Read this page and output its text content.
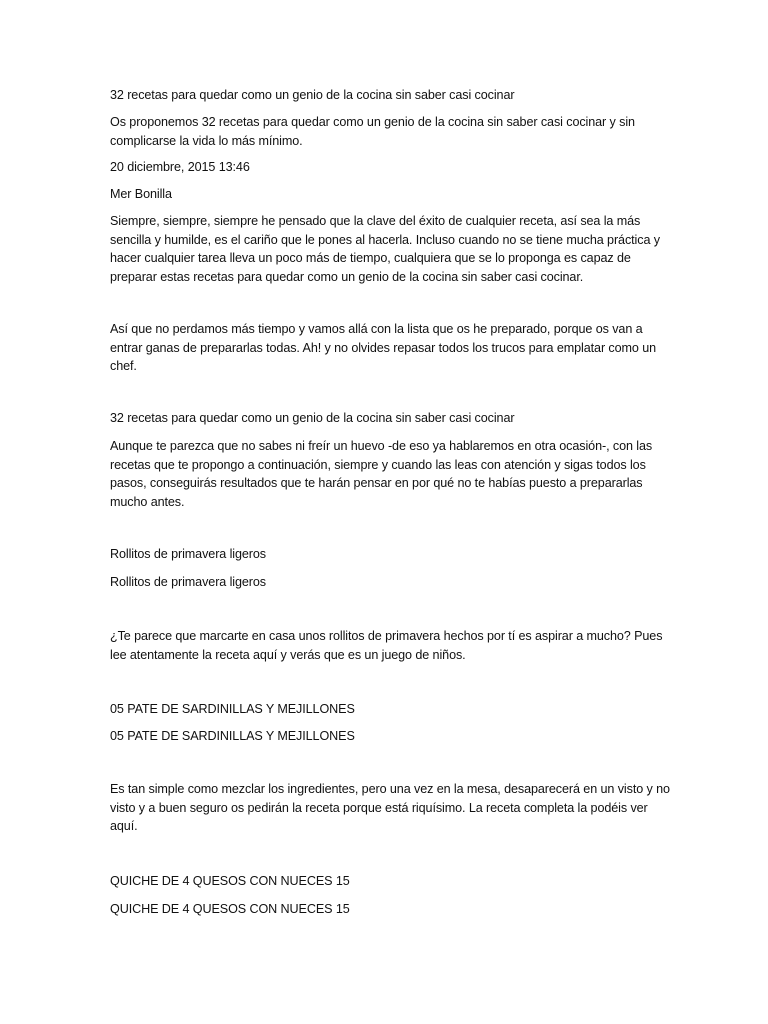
32 recetas para quedar como un genio de la cocina sin saber casi cocinar

Os proponemos 32 recetas para quedar como un genio de la cocina sin saber casi cocinar y sin complicarse la vida lo más mínimo.

20 diciembre, 2015 13:46

Mer Bonilla

Siempre, siempre, siempre he pensado que la clave del éxito de cualquier receta, así sea la más sencilla y humilde, es el cariño que le pones al hacerla. Incluso cuando no se tiene mucha práctica y hacer cualquier tarea lleva un poco más de tiempo, cualquiera que se lo proponga es capaz de preparar estas recetas para quedar como un genio de la cocina sin saber casi cocinar.

Así que no perdamos más tiempo y vamos allá con la lista que os he preparado, porque os van a entrar ganas de prepararlas todas. Ah! y no olvides repasar todos los trucos para emplatar como un chef.

32 recetas para quedar como un genio de la cocina sin saber casi cocinar

Aunque te parezca que no sabes ni freír un huevo -de eso ya hablaremos en otra ocasión-, con las recetas que te propongo a continuación, siempre y cuando las leas con atención y sigas todos los pasos, conseguirás resultados que te harán pensar en por qué no te habías puesto a prepararlas mucho antes.

Rollitos de primavera ligeros

Rollitos de primavera ligeros

¿Te parece que marcarte en casa unos rollitos de primavera hechos por tí es aspirar a mucho? Pues lee atentamente la receta aquí y verás que es un juego de niños.

05 PATE DE SARDINILLAS Y MEJILLONES

05 PATE DE SARDINILLAS Y MEJILLONES

Es tan simple como mezclar los ingredientes, pero una vez en la mesa, desaparecerá en un visto y no visto y a buen seguro os pedirán la receta porque está riquísimo. La receta completa la podéis ver aquí.

QUICHE DE 4 QUESOS CON NUECES 15

QUICHE DE 4 QUESOS CON NUECES 15
